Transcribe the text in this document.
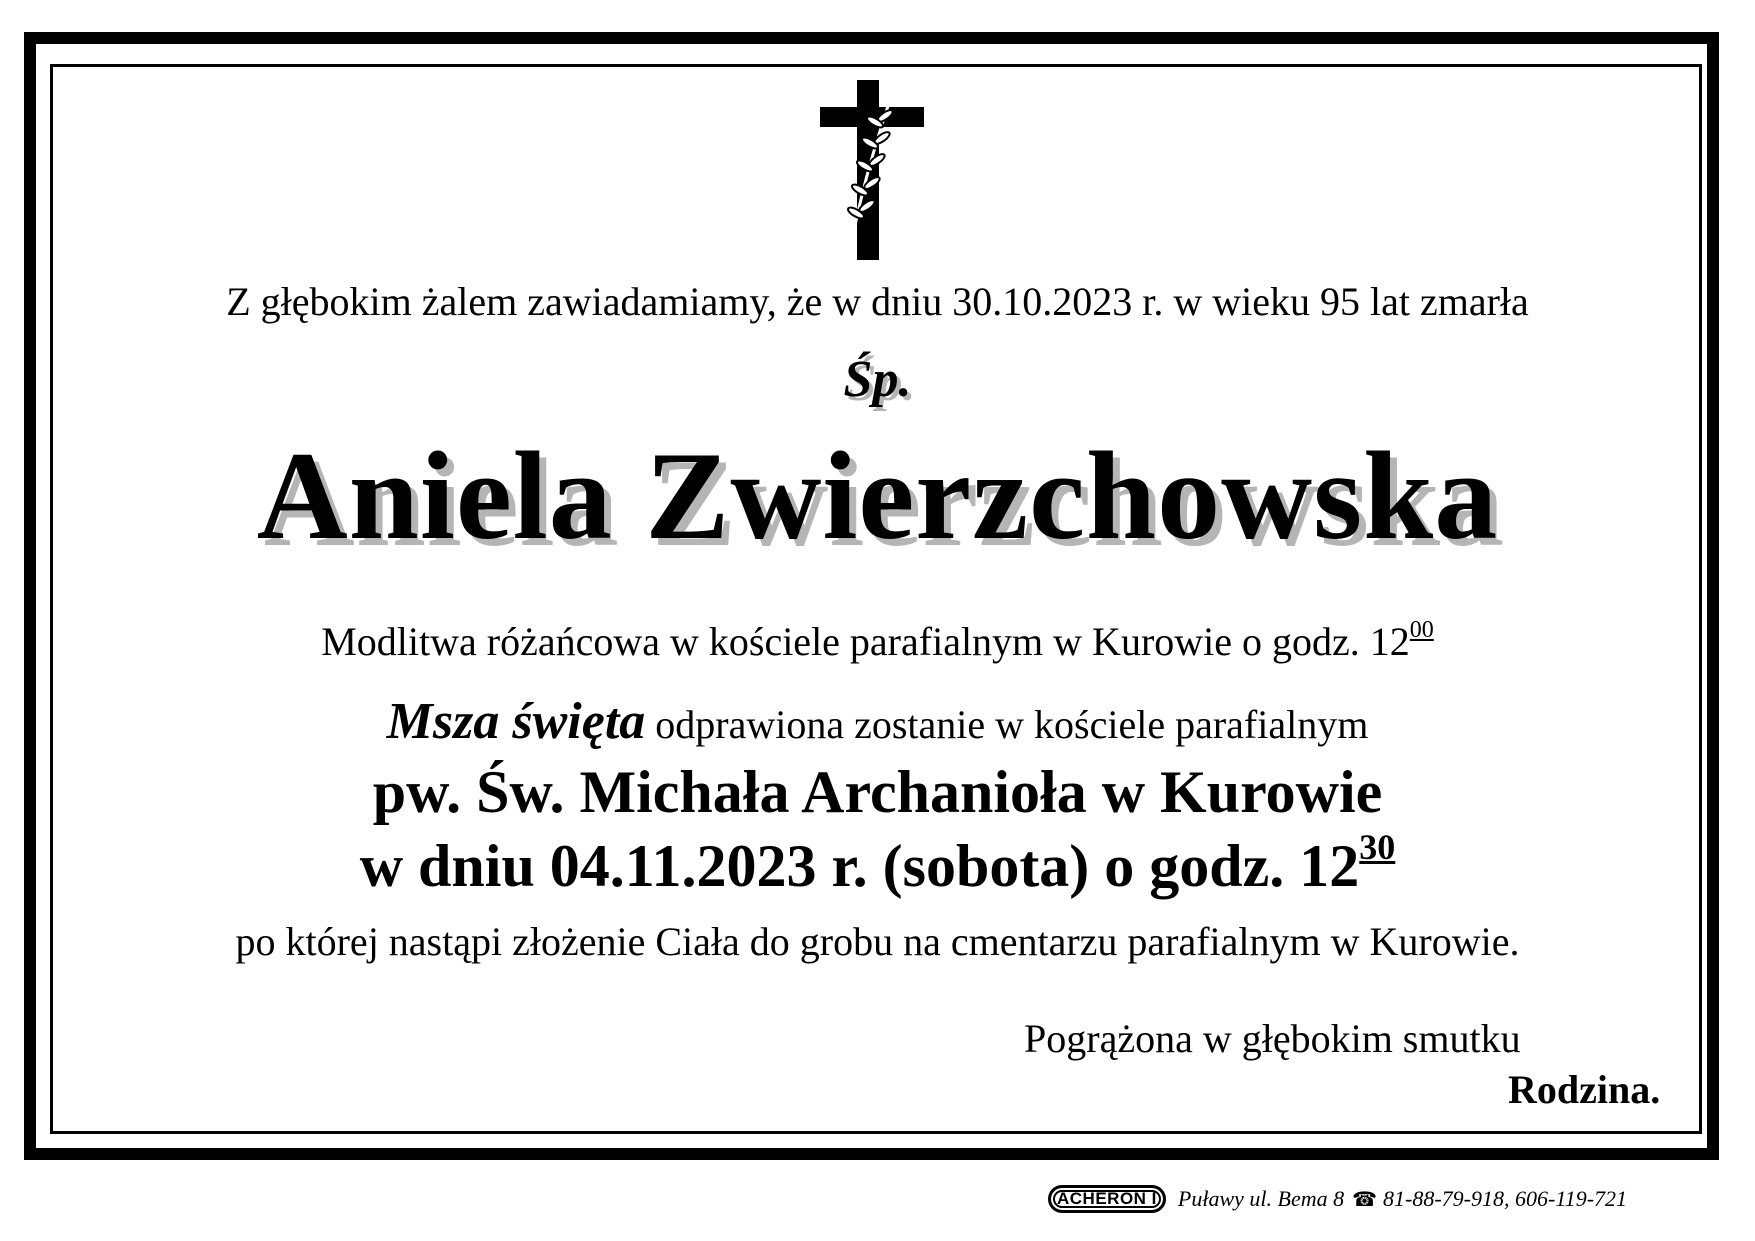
Z głębokim żalem zawiadamiamy, że w dniu 30.10.2023 r. w wieku 95 lat zmarła
Śp.
Aniela Zwierzchowska
Modlitwa różańcowa w kościele parafialnym w Kurowie o godz. $12^{00}$
Msza święta odprawiona zostanie w kościele parafialnym
pw. Św. Michała Archanioła w Kurowie
w dniu 04.11.2023 r. (sobota) o godz. $12^{30}$
po której nastąpi złożenie Ciała do grobu na cmentarzu parafialnym w Kurowie.
Pogrążona w głębokim smutku
Rodzina.
ACHERON I Puławy ul. Bema 8 ☎ 81-88-79-918, 606-119-721
